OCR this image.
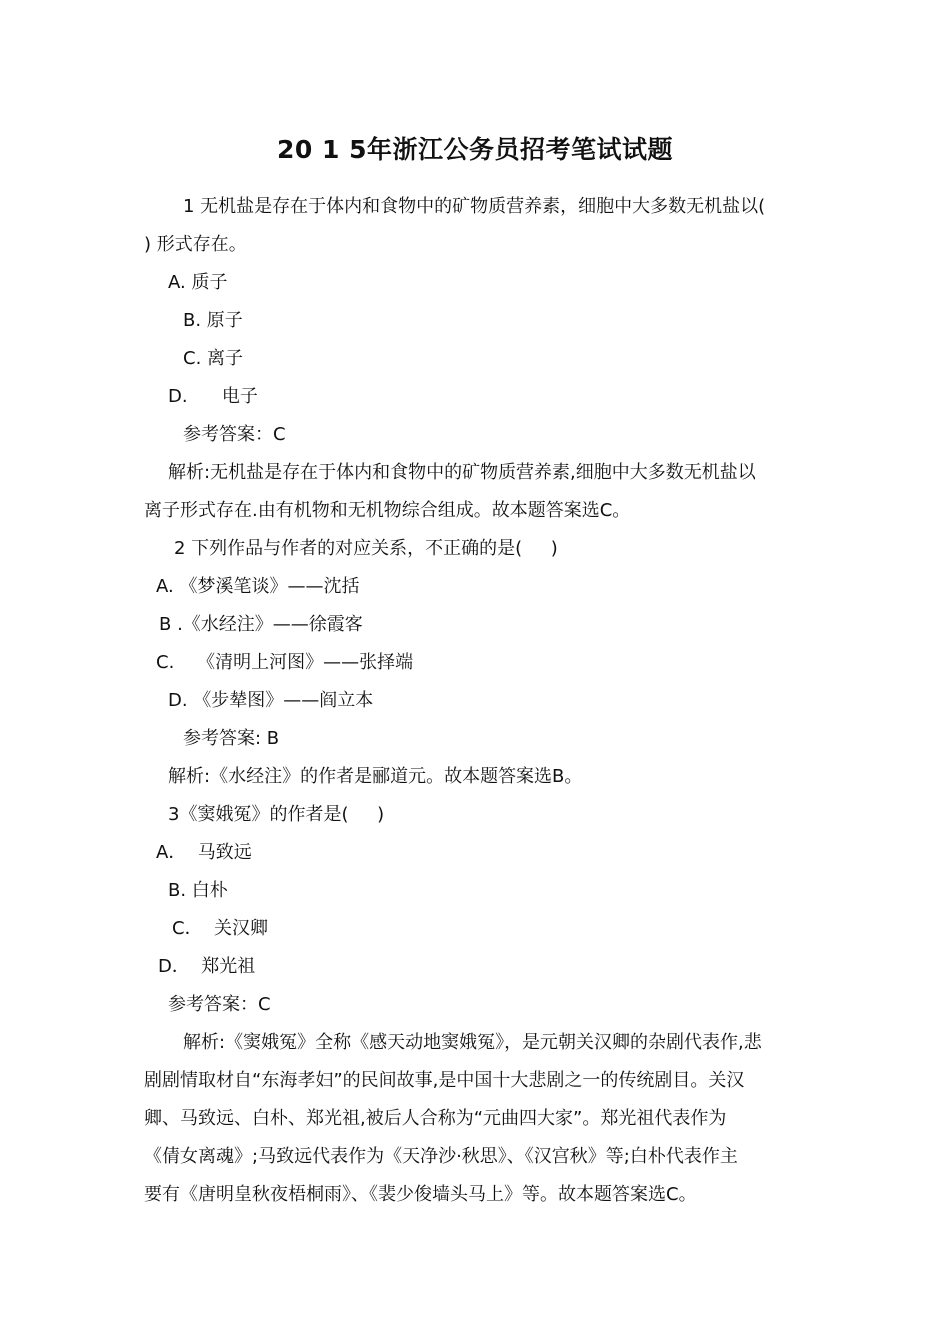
20 1 5年浙江公务员招考笔试试题
1 无机盐是存在于体内和食物中的矿物质营养素，细胞中大多数无机盐以(
) 形式存在。
A. 质子
B. 原子
C. 离子
D.      电子
参考答案：C
解析:无机盐是存在于体内和食物中的矿物质营养素,细胞中大多数无机盐以
离子形式存在.由有机物和无机物综合组成。故本题答案选C。
2 下列作品与作者的对应关系，不正确的是(     )
A. 《梦溪笔谈》——沈括
B .《水经注》——徐霞客
C.    《清明上河图》——张择端
D. 《步辇图》——阎立本
参考答案: B
解析:《水经注》的作者是郦道元。故本题答案选B。
3《窦娥冤》的作者是(     )
A．  马致远
B. 白朴
C．  关汉卿
D．  郑光祖
参考答案：C
解析:《窦娥冤》全称《感天动地窦娥冤》，是元朝关汉卿的杂剧代表作,悲
剧剧情取材自“东海孝妇”的民间故事,是中国十大悲剧之一的传统剧目。关汉
卿、马致远、白朴、郑光祖,被后人合称为“元曲四大家”。郑光祖代表作为
《倩女离魂》;马致远代表作为《天净沙·秋思》、《汉宫秋》等;白朴代表作主
要有《唐明皇秋夜梧桐雨》、《裴少俊墙头马上》等。故本题答案选C。
